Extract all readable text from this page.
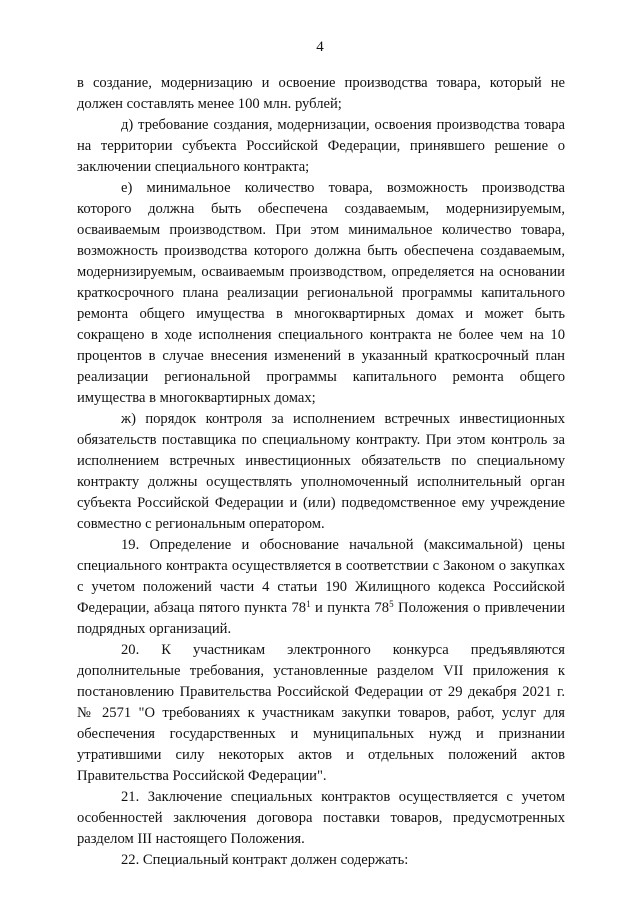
4

в создание, модернизацию и освоение производства товара, который не должен составлять менее 100 млн. рублей;

д) требование создания, модернизации, освоения производства товара на территории субъекта Российской Федерации, принявшего решение о заключении специального контракта;

е) минимальное количество товара, возможность производства которого должна быть обеспечена создаваемым, модернизируемым, осваиваемым производством. При этом минимальное количество товара, возможность производства которого должна быть обеспечена создаваемым, модернизируемым, осваиваемым производством, определяется на основании краткосрочного плана реализации региональной программы капитального ремонта общего имущества в многоквартирных домах и может быть сокращено в ходе исполнения специального контракта не более чем на 10 процентов в случае внесения изменений в указанный краткосрочный план реализации региональной программы капитального ремонта общего имущества в многоквартирных домах;

ж) порядок контроля за исполнением встречных инвестиционных обязательств поставщика по специальному контракту. При этом контроль за исполнением встречных инвестиционных обязательств по специальному контракту должны осуществлять уполномоченный исполнительный орган субъекта Российской Федерации и (или) подведомственное ему учреждение совместно с региональным оператором.

19. Определение и обоснование начальной (максимальной) цены специального контракта осуществляется в соответствии с Законом о закупках с учетом положений части 4 статьи 190 Жилищного кодекса Российской Федерации, абзаца пятого пункта $78^1$ и пункта $78^5$ Положения о привлечении подрядных организаций.

20. К участникам электронного конкурса предъявляются дополнительные требования, установленные разделом VII приложения к постановлению Правительства Российской Федерации от 29 декабря 2021 г. № 2571 "О требованиях к участникам закупки товаров, работ, услуг для обеспечения государственных и муниципальных нужд и признании утратившими силу некоторых актов и отдельных положений актов Правительства Российской Федерации".

21. Заключение специальных контрактов осуществляется с учетом особенностей заключения договора поставки товаров, предусмотренных разделом III настоящего Положения.

22. Специальный контракт должен содержать:
